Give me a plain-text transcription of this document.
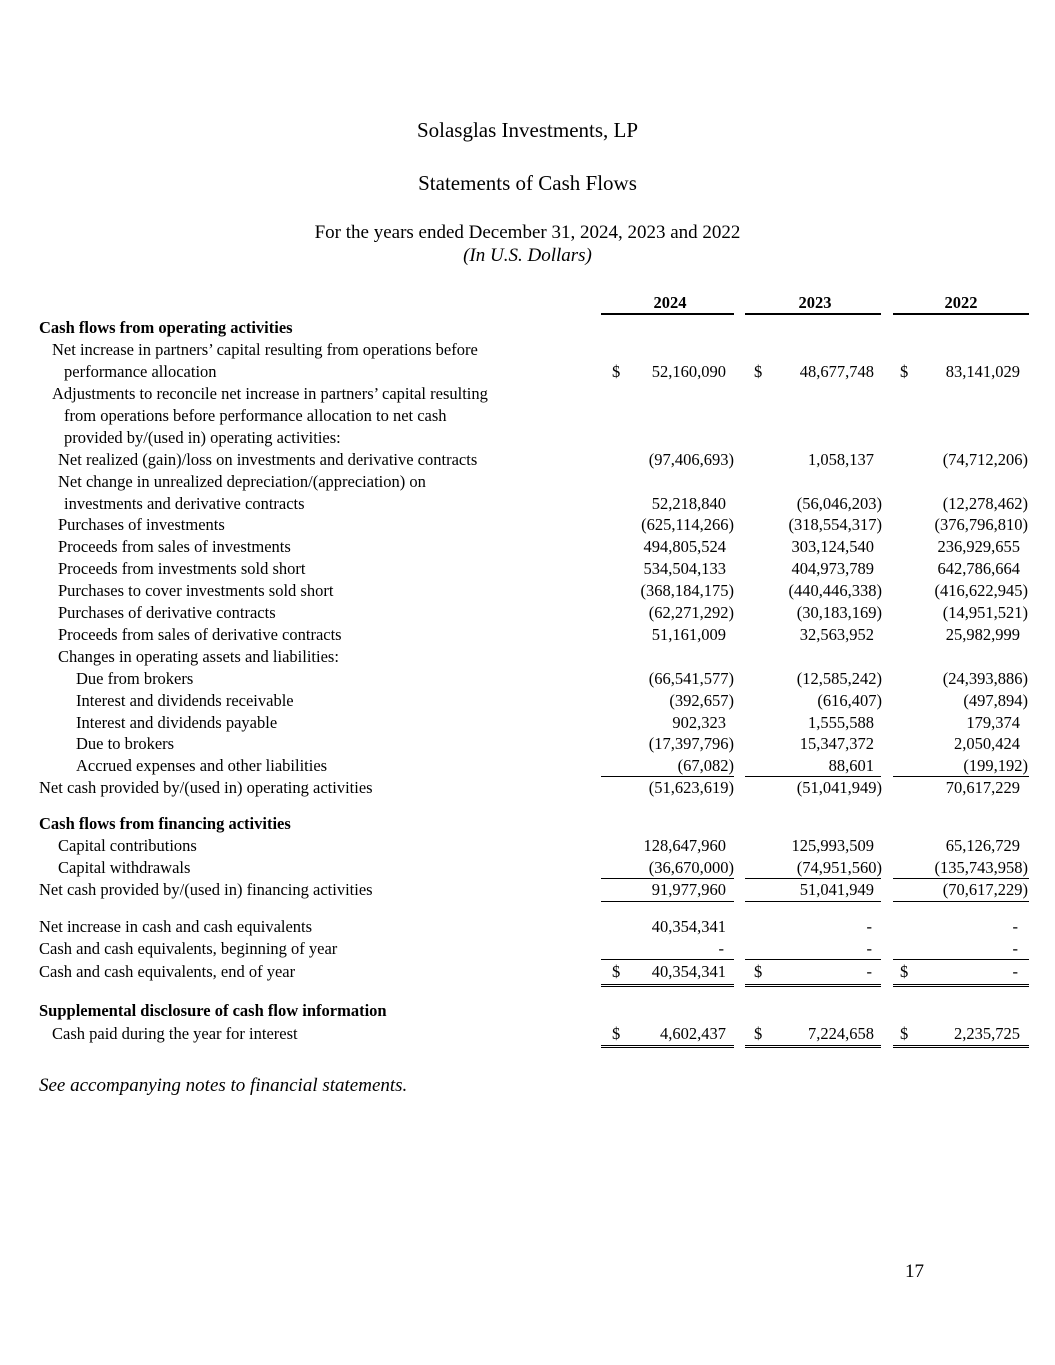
Solasglas Investments, LP
Statements of Cash Flows
For the years ended December 31, 2024, 2023 and 2022
(In U.S. Dollars)
2024	2023	2022
Cash flows from operating activities
Net increase in partners’ capital resulting from operations before
performance allocation	$ 52,160,090 $ 48,677,748 $ 83,141,029
Adjustments to reconcile net increase in partners’ capital resulting
from operations before performance allocation to net cash
provided by/(used in) operating activities:
Net realized (gain)/loss on investments and derivative contracts	(97,406,693)	1,058,137	(74,712,206)
Net change in unrealized depreciation/(appreciation) on
investments and derivative contracts	52,218,840	(56,046,203)	(12,278,462)
Purchases of investments	(625,114,266)	(318,554,317)	(376,796,810)
Proceeds from sales of investments	494,805,524	303,124,540	236,929,655
Proceeds from investments sold short	534,504,133	404,973,789	642,786,664
Purchases to cover investments sold short	(368,184,175)	(440,446,338)	(416,622,945)
Purchases of derivative contracts	(62,271,292)	(30,183,169)	(14,951,521)
Proceeds from sales of derivative contracts	51,161,009	32,563,952	25,982,999
Changes in operating assets and liabilities:
Due from brokers	(66,541,577)	(12,585,242)	(24,393,886)
Interest and dividends receivable	(392,657)	(616,407)	(497,894)
Interest and dividends payable	902,323	1,555,588	179,374
Due to brokers	(17,397,796)	15,347,372	2,050,424
Accrued expenses and other liabilities	(67,082)	88,601	(199,192)
Net cash provided by/(used in) operating activities	(51,623,619)	(51,041,949)	70,617,229
Cash flows from financing activities
Capital contributions	128,647,960	125,993,509	65,126,729
Capital withdrawals	(36,670,000)	(74,951,560)	(135,743,958)
Net cash provided by/(used in) financing activities	91,977,960	51,041,949	(70,617,229)
Net increase in cash and cash equivalents	40,354,341	-	-
Cash and cash equivalents, beginning of year	-	-	-
Cash and cash equivalents, end of year	$ 40,354,341 $	- $	-
Supplemental disclosure of cash flow information
Cash paid during the year for interest	$ 4,602,437 $	7,224,658 $	2,235,725
See accompanying notes to financial statements.
17
